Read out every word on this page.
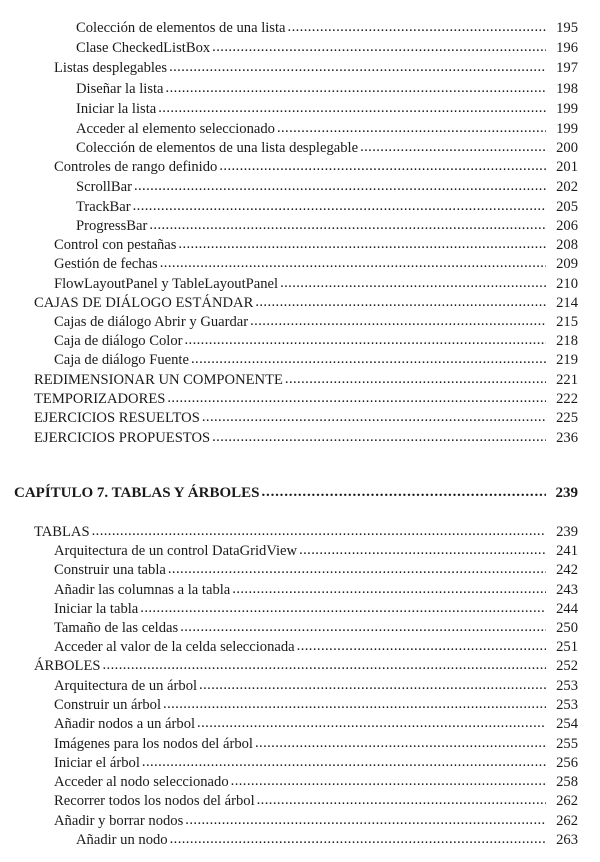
Colección de elementos de una lista .....	195
Clase CheckedListBox .....	196
Listas desplegables .....	197
Diseñar la lista .....	198
Iniciar la lista .....	199
Acceder al elemento seleccionado .....	199
Colección de elementos de una lista desplegable .....	200
Controles de rango definido .....	201
ScrollBar .....	202
TrackBar .....	205
ProgressBar .....	206
Control con pestañas .....	208
Gestión de fechas .....	209
FlowLayoutPanel y TableLayoutPanel .....	210
CAJAS DE DIÁLOGO ESTÁNDAR .....	214
Cajas de diálogo Abrir y Guardar .....	215
Caja de diálogo Color .....	218
Caja de diálogo Fuente .....	219
REDIMENSIONAR UN COMPONENTE .....	221
TEMPORIZADORES .....	222
EJERCICIOS RESUELTOS .....	225
EJERCICIOS PROPUESTOS .....	236
CAPÍTULO 7. TABLAS Y ÁRBOLES .....	239
TABLAS .....	239
Arquitectura de un control DataGridView .....	241
Construir una tabla .....	242
Añadir las columnas a la tabla .....	243
Iniciar la tabla .....	244
Tamaño de las celdas .....	250
Acceder al valor de la celda seleccionada .....	251
ÁRBOLES .....	252
Arquitectura de un árbol .....	253
Construir un árbol .....	253
Añadir nodos a un árbol .....	254
Imágenes para los nodos del árbol .....	255
Iniciar el árbol .....	256
Acceder al nodo seleccionado .....	258
Recorrer todos los nodos del árbol .....	262
Añadir y borrar nodos .....	262
Añadir un nodo .....	263
